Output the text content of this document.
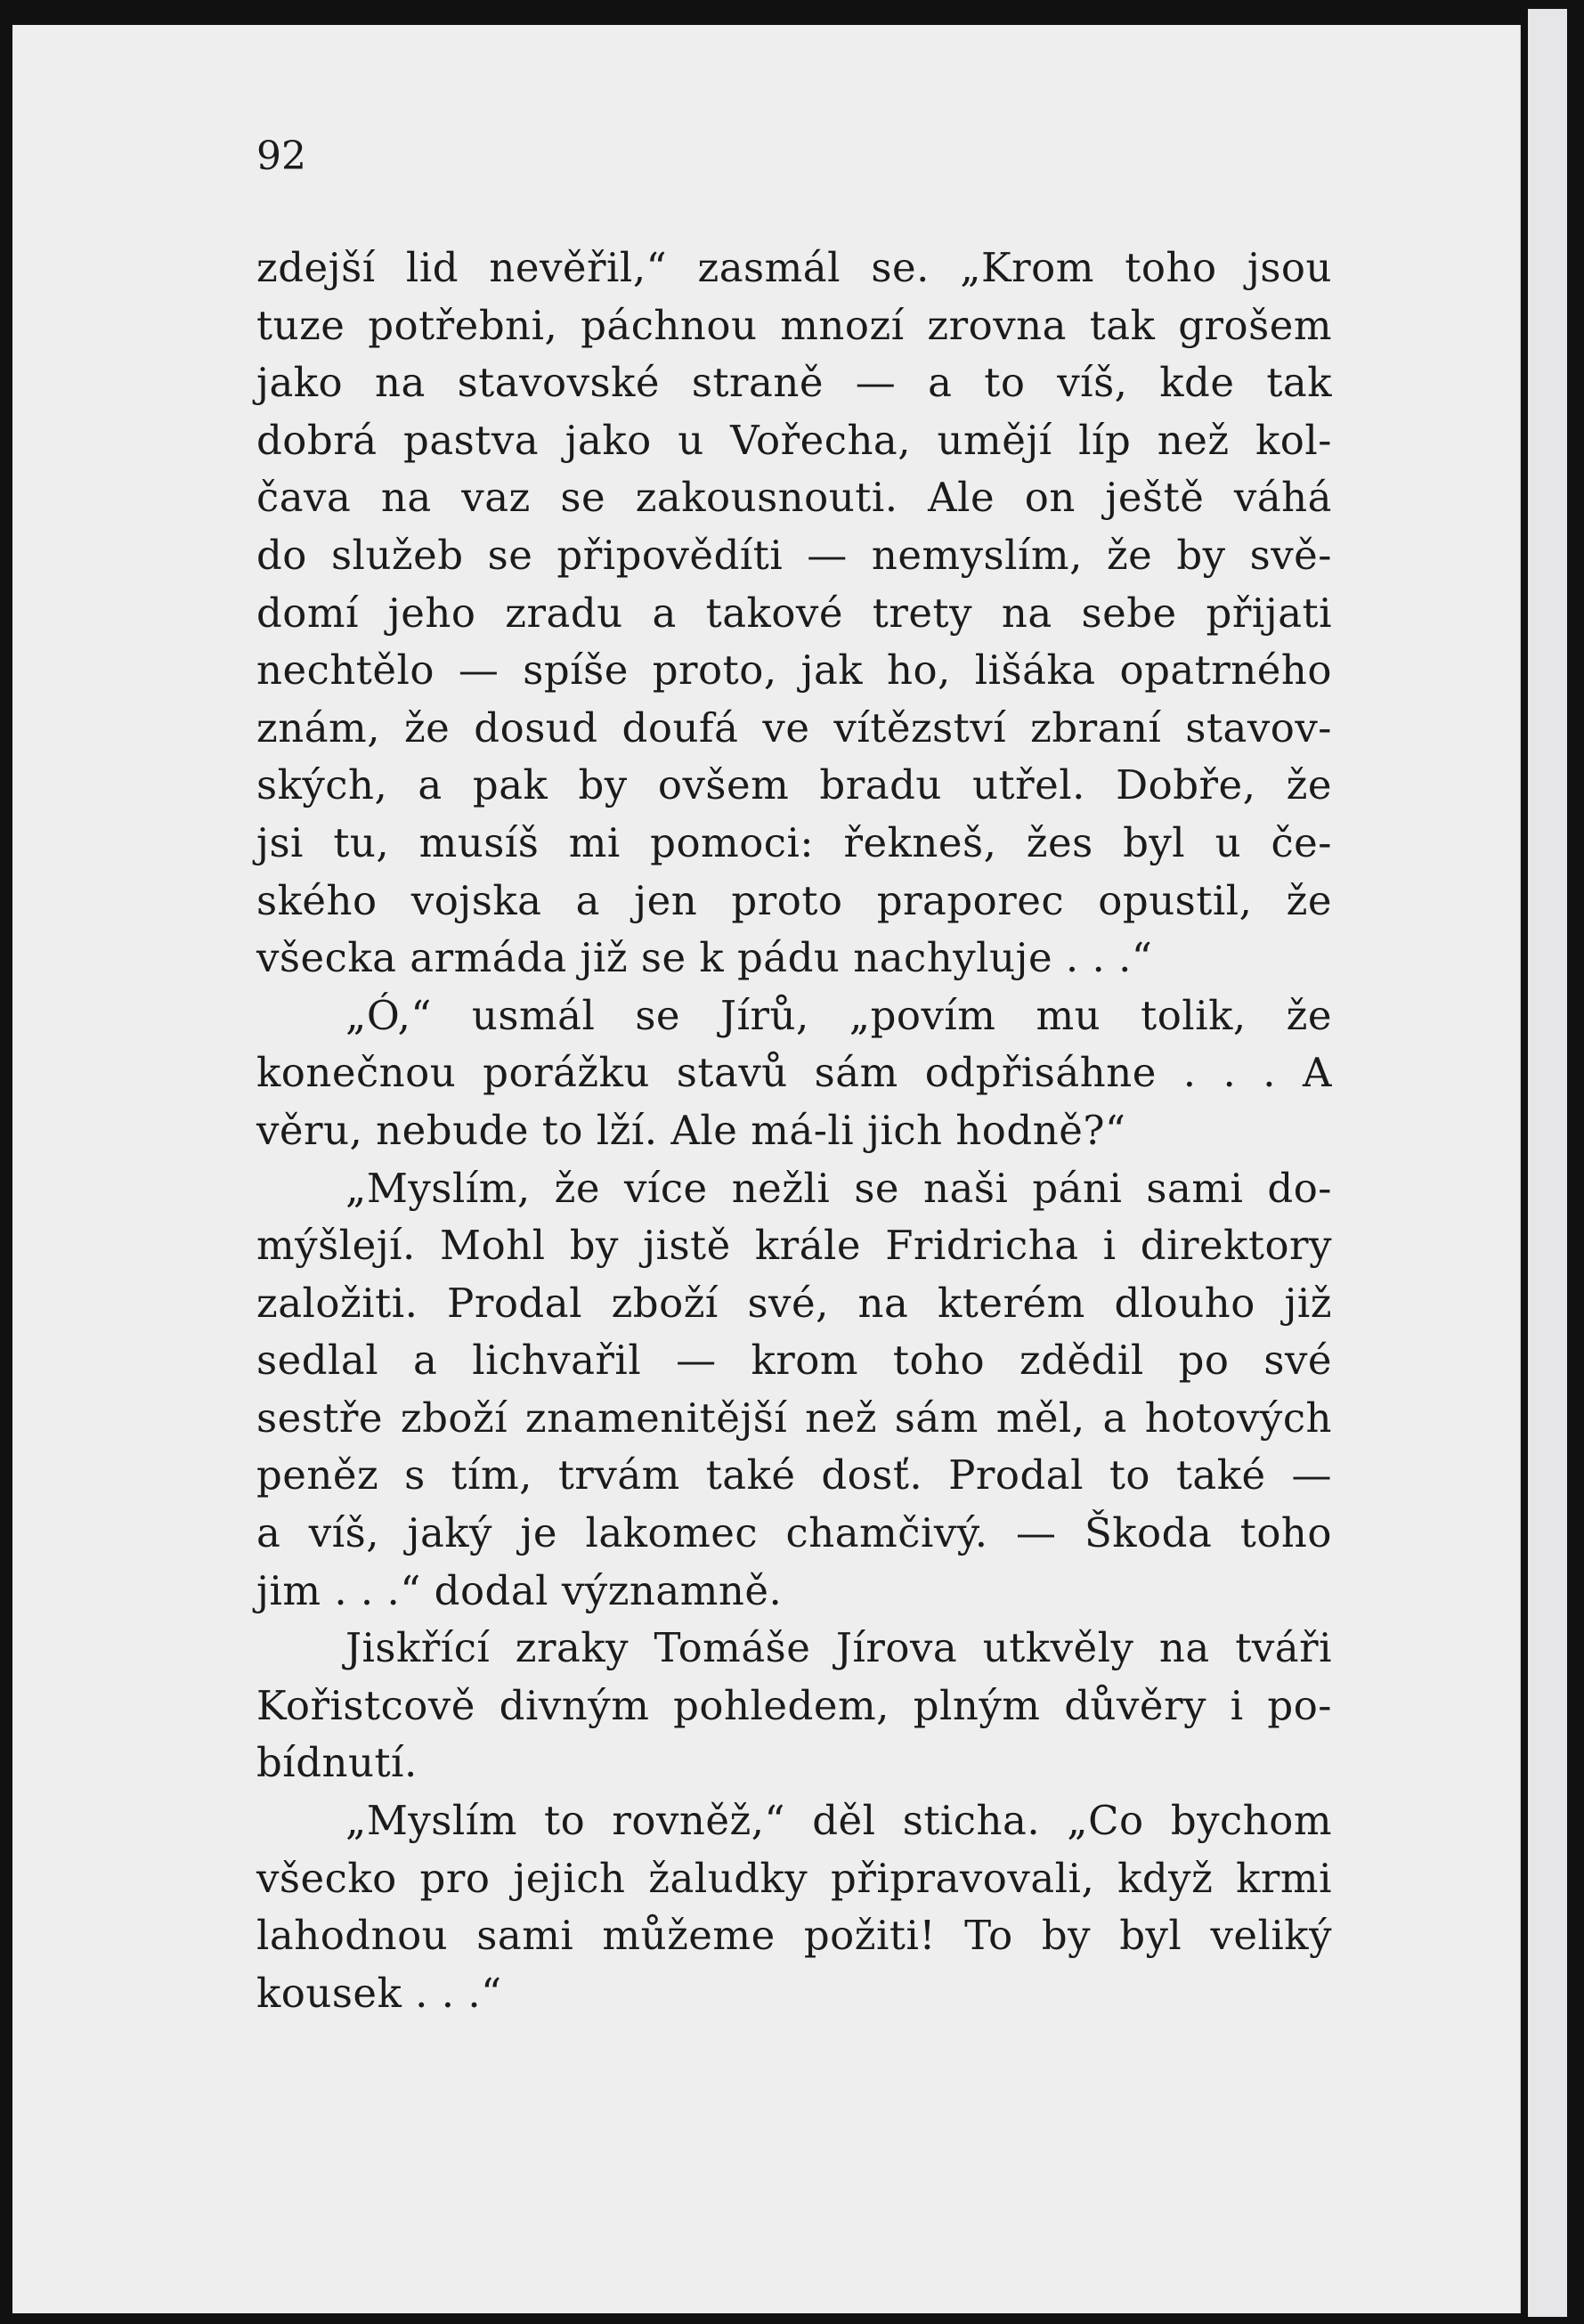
92
zdejší lid nevěřil,“ zasmál se. „Krom toho jsou
tuze potřebni, páchnou mnozí zrovna tak grošem
jako na stavovské straně — a to víš, kde tak
dobrá pastva jako u Vořecha, umějí líp než kol-
čava na vaz se zakousnouti. Ale on ještě váhá
do služeb se připovědíti — nemyslím, že by svě-
domí jeho zradu a takové trety na sebe přijati
nechtělo — spíše proto, jak ho, lišáka opatrného
znám, že dosud doufá ve vítězství zbraní stavov-
ských, a pak by ovšem bradu utřel. Dobře, že
jsi tu, musíš mi pomoci: řekneš, žes byl u če-
ského vojska a jen proto praporec opustil, že
všecka armáda již se k pádu nachyluje . . .“
„Ó,“ usmál se Jírů, „povím mu tolik, že
konečnou porážku stavů sám odpřisáhne . . . A
věru, nebude to lží. Ale má-li jich hodně?“
„Myslím, že více nežli se naši páni sami do-
mýšlejí. Mohl by jistě krále Fridricha i direktory
založiti. Prodal zboží své, na kterém dlouho již
sedlal a lichvařil — krom toho zdědil po své
sestře zboží znamenitější než sám měl, a hotových
peněz s tím, trvám také dosť. Prodal to také —
a víš, jaký je lakomec chamčivý. — Škoda toho
jim . . .“ dodal významně.
Jiskřící zraky Tomáše Jírova utkvěly na tváři
Kořistcově divným pohledem, plným důvěry i po-
bídnutí.
„Myslím to rovněž,“ děl sticha. „Co bychom
všecko pro jejich žaludky připravovali, když krmi
lahodnou sami můžeme požiti! To by byl veliký
kousek . . .“
